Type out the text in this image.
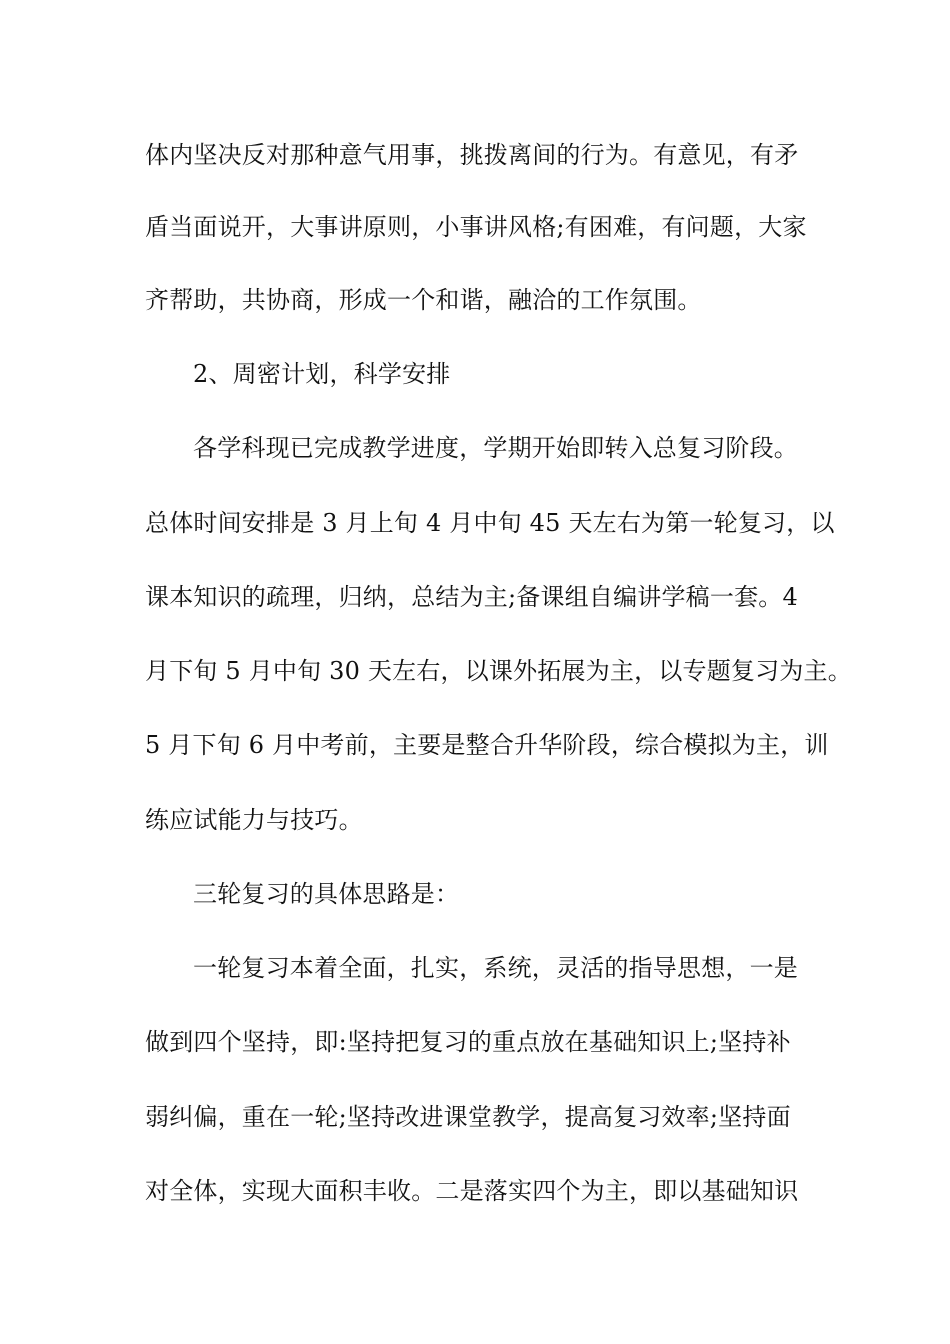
体内坚决反对那种意气用事，挑拨离间的行为。有意见，有矛
盾当面说开，大事讲原则，小事讲风格;有困难，有问题，大家
齐帮助，共协商，形成一个和谐，融洽的工作氛围。
2、周密计划，科学安排
各学科现已完成教学进度，学期开始即转入总复习阶段。
总体时间安排是 3 月上旬 4 月中旬 45 天左右为第一轮复习，以
课本知识的疏理，归纳，总结为主;备课组自编讲学稿一套。4
月下旬 5 月中旬 30 天左右，以课外拓展为主，以专题复习为主。
5 月下旬 6 月中考前，主要是整合升华阶段，综合模拟为主，训
练应试能力与技巧。
三轮复习的具体思路是：
一轮复习本着全面，扎实，系统，灵活的指导思想，一是
做到四个坚持，即:坚持把复习的重点放在基础知识上;坚持补
弱纠偏，重在一轮;坚持改进课堂教学，提高复习效率;坚持面
对全体，实现大面积丰收。二是落实四个为主，即以基础知识
